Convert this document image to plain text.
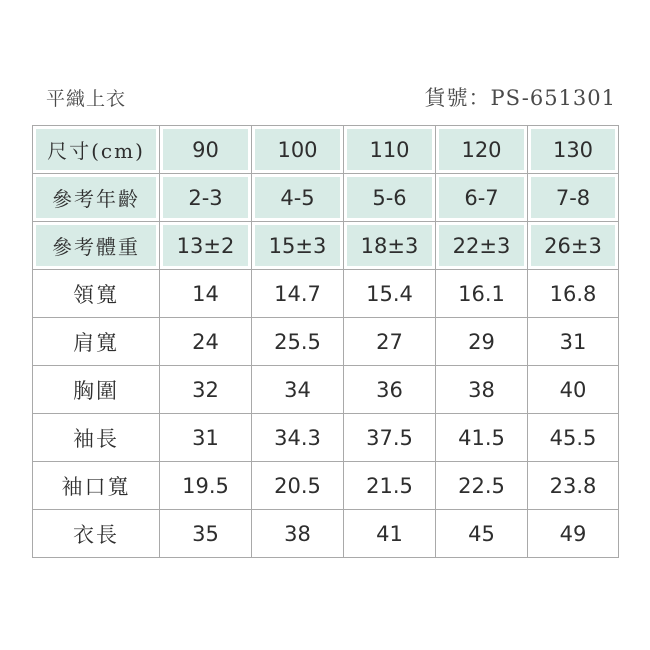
平織上衣	貨號：PS-651301
尺寸(cm)	90	100	110	120	130
參考年齡	2-3	4-5	5-6	6-7	7-8
參考體重	13±2	15±3	18±3	22±3	26±3
領寬	14	14.7	15.4	16.1	16.8
肩寬	24	25.5	27	29	31
胸圍	32	34	36	38	40
袖長	31	34.3	37.5	41.5	45.5
袖口寬	19.5	20.5	21.5	22.5	23.8
衣長	35	38	41	45	49
